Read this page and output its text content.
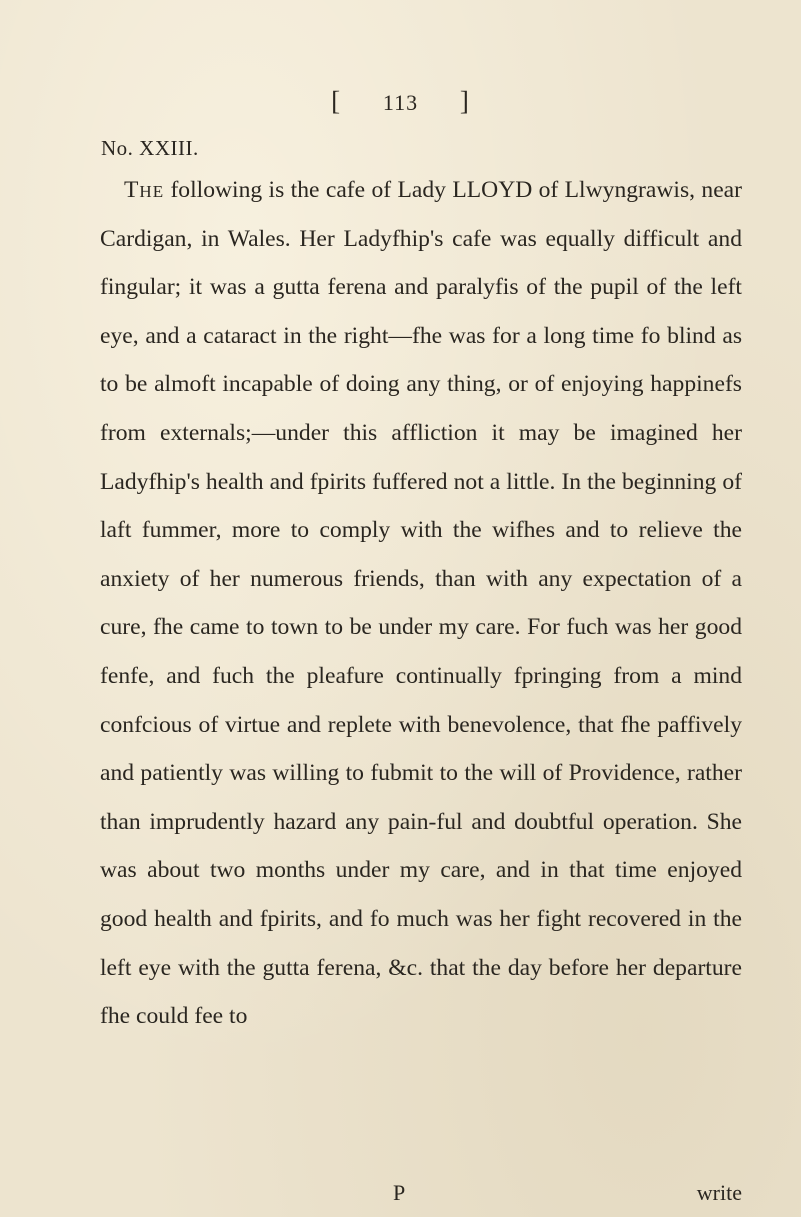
[ 113 ]
No. XXIII.

The following is the cafe of Lady LLOYD of Llwyngrawis, near Cardigan, in Wales. Her Ladyfhip's cafe was equally difficult and fingular; it was a gutta ferena and paralyfis of the pupil of the left eye, and a cataract in the right—fhe was for a long time fo blind as to be almoft incapable of doing any thing, or of enjoying happinefs from externals;—under this affliction it may be imagined her Ladyfhip's health and fpirits fuffered not a little. In the beginning of laft fummer, more to comply with the wifhes and to relieve the anxiety of her numerous friends, than with any expectation of a cure, fhe came to town to be under my care. For fuch was her good fenfe, and fuch the pleafure continually fpringing from a mind confcious of virtue and replete with benevolence, that fhe paffively and patiently was willing to fubmit to the will of Providence, rather than imprudently hazard any pain-ful and doubtful operation. She was about two months under my care, and in that time enjoyed good health and fpirits, and fo much was her fight recovered in the left eye with the gutta ferena, &c. that the day before her departure fhe could fee to

P	write
